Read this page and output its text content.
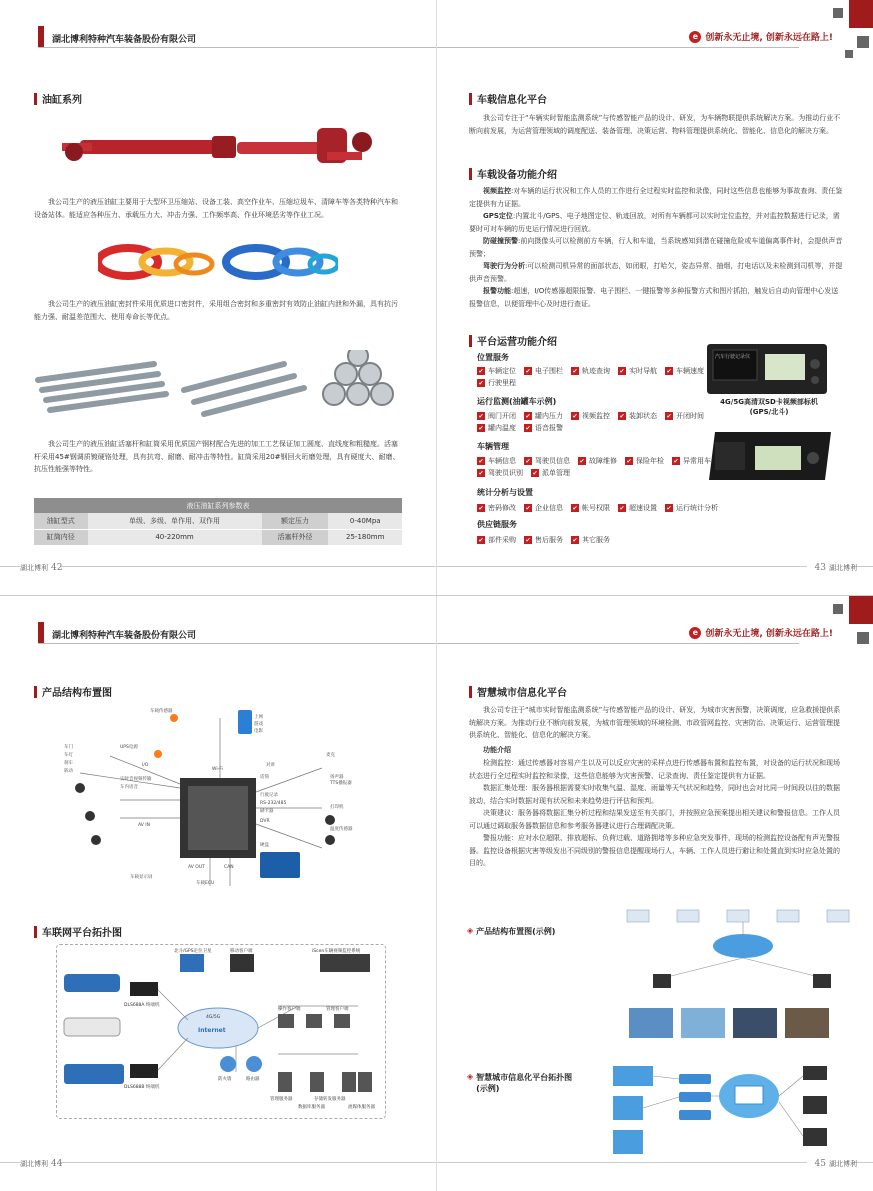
湖北博利特种汽车装备股份有限公司
油缸系列
我公司生产的液压油缸主要用于大型环卫压缩站、设备工装、高空作业车、压缩垃圾车、清障车等各类特种汽车和设备站体。能适应各种压力、承载压力大、冲击力强、工作频率高、作业环境恶劣等作业工况。
我公司生产的液压油缸密封件采用优质进口密封件，采用组合密封和多重密封有效防止油缸内泄和外漏，具有抗污能力强、耐温差范围大、使用寿命长等优点。
我公司生产的液压油缸活塞杆和缸筒采用优质国产钢材配合先进的加工工艺保证加工圆度、直线度和粗糙度。活塞杆采用45#钢调质镀硬铬处理，具有抗弯、耐磨、耐冲击等特性。缸筒采用20#钢回火珩磨处理，具有硬度大、耐磨、抗压性能强等特性。
液压油缸系列参数表			
油缸型式	单级、多级、单作用、双作用	额定压力	0-40Mpa
缸筒内径	40-220mm	活塞杆外径	25-180mm
湖北博利 42
e 创新永无止境, 创新永远在路上!
车载信息化平台
我公司专注于“车辆实时智能监测系统”与传感智能产品的设计、研发，为车辆物联提供系统解决方案。为推动行业不断向前发展，为运营管理领域的调度配送、装备管理、决策运营、物料管理提供系统化、智能化、信息化的解决方案。
车载设备功能介绍
视频监控:对车辆的运行状况和工作人员的工作进行全过程实时监控和录像，同时这些信息也能够为事故查询、责任鉴定提供有力证据。
GPS定位:内置北斗/GPS、电子地图定位、轨迹回放，对所有车辆都可以实时定位监控，并对监控数据进行记录，需要时可对车辆的历史运行情况进行回放。
防碰撞预警:前向摄像头可以检测前方车辆，行人和车道，当系统感知到潜在碰撞危险或车道偏离事件时，会提供声音预警；
驾驶行为分析:可以检测司机异常的面部状态，如闭眼，打哈欠，姿态异常、抽烟，打电话以及未检测到司机等，并提供声音预警。
报警功能:超速，I/O传感器超限报警、电子围栏、一键报警等多种报警方式和图片抓拍，触发后自动向管理中心发送报警信息，以便管理中心及时进行查证。
平台运营功能介绍
位置服务
✔ 车辆定位	✔ 电子围栏	✔ 轨迹查询	✔ 实时导航	✔ 车辆速度
✔ 行驶里程
运行监测(油罐车示例)
✔ 阀门开闭	✔ 罐内压力	✔ 视频监控	✔ 装卸状态	✔ 开闭时间
✔ 罐内温度	✔ 语音报警
车辆管理
✔ 车辆信息	✔ 驾驶员信息	✔ 故障维修	✔ 保险年检	✔ 异常用车
✔ 驾驶员识别	✔ 派单管理
统计分析与设置
✔ 密码修改	✔ 企业信息	✔ 帐号权限	✔ 超速设置	✔ 运行统计分析
供应链服务
✔ 部件采购	✔ 售后服务	✔ 其它服务
汽车行驶记录仪
4G/5G高清双SD卡视频部标机
(GPS/北斗)
43 湖北博利
湖北博利特种汽车装备股份有限公司
产品结构布置图
车载传感器
UPS电源
上网
游戏
电影
车门
车灯
刹车
转动
I/O
Wi-Fi
对讲
麦克
话筒	扬声器
TTS播报器
实时音视频传输
车内语音
行驶记录
RS-232/485
打印机
刷卡器
温度传感器
DVR
硬盘
AV IN
AV OUT	CAN
车载ECU
车载显示屏
车联网平台拓扑图
北斗/GPS定位卫星	移动客户端	iScen车辆视频监控系统
4G/5G
Internet
防火墙	路由器
操作客户端	管理客户端
DLS688A 终端机
DLS688B 终端机
管理服务器
数据库服务器
存储转发服务器
流媒体服务器
湖北博利 44
e 创新永无止境, 创新永远在路上!
智慧城市信息化平台
我公司专注于“城市实时智能监测系统”与传感智能产品的设计、研发，为城市灾害预警，决策调度，应急救援提供系统解决方案。为推动行业不断向前发展，为城市管理领域的环境检测、市政管网监控、灾害防治、决策运行、运营管理提供系统化、智能化、信息化的解决方案。
功能介绍
检测监控：通过传感器对容易产生以及可以反应灾害的采样点进行传感器布置和监控布置，对设备的运行状况和现场状态进行全过程实时监控和录像，这些信息能够为灾害预警、记录查询、责任鉴定提供有力证据。
数据汇集处理：服务器根据需要实时收集气温、湿度、雨量等天气状况和趋势，同时也会对比同一时间段以往的数据波动，结合实时数据对现有状况和未来趋势进行评估和预判。
决策建议：服务器将数据汇集分析过程和结果发送至有关部门，并按照应急预案提出相关建议和警报信息。工作人员可以通过调取服务器数据信息和参考服务器建议进行合理调配决策。
警报功能：应对水位超限、排放超标、负荷过载、道路拥堵等多种应急突发事件，现场的检测监控设备配有声光警报器。监控设备根据灾害等级发出不同级别的警报信息提醒现场行人、车辆、工作人员进行避让和处置直到实时应急处置的目的。
◈ 产品结构布置图(示例)
◈ 智慧城市信息化平台拓扑图
(示例)
45 湖北博利
